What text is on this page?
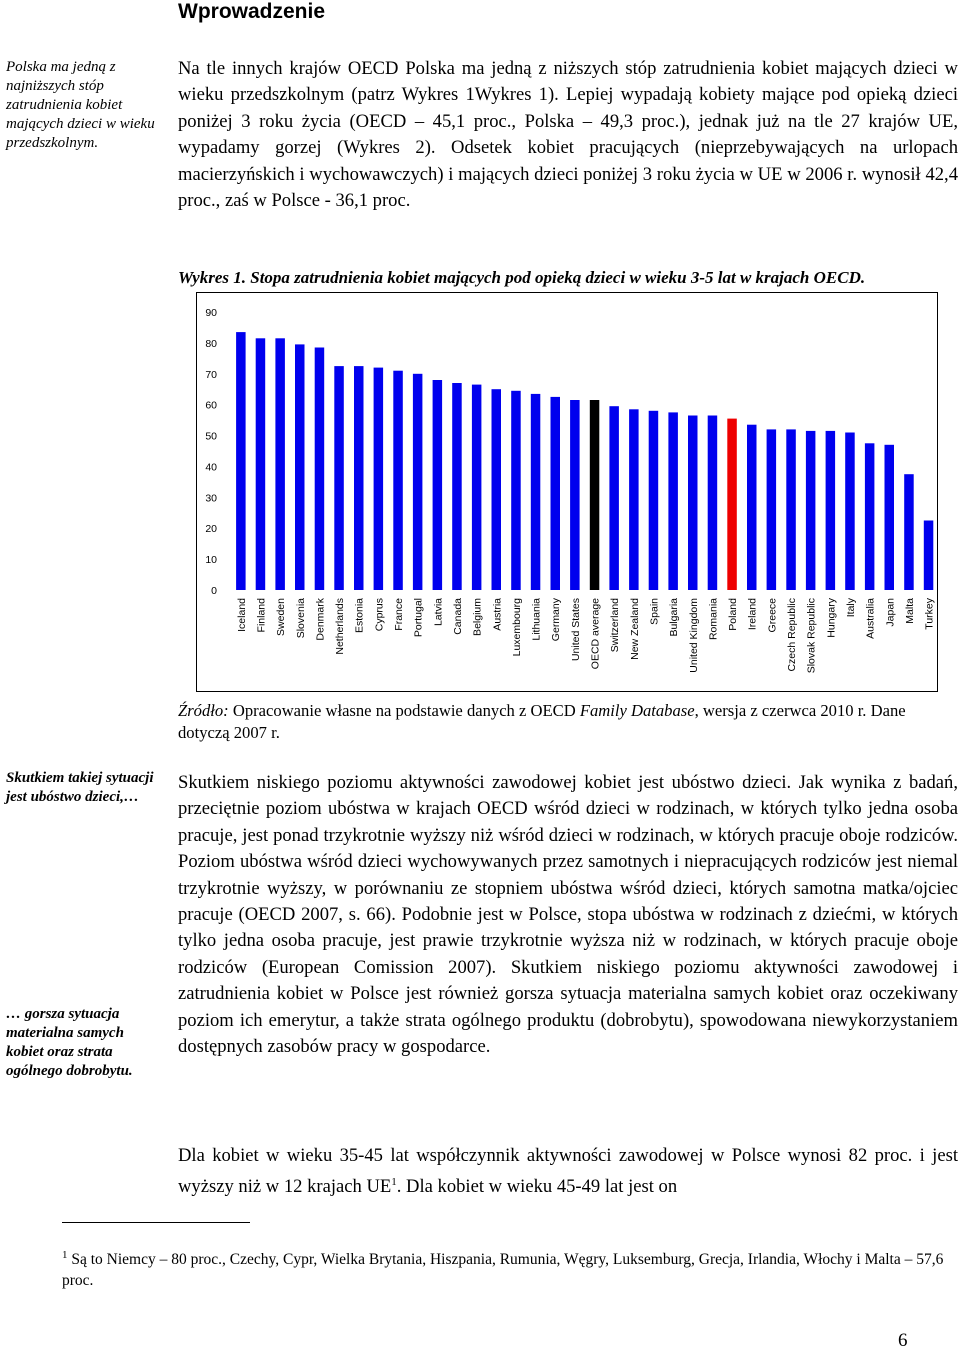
Wprowadzenie
Polska ma jedną z najniższych stóp zatrudnienia kobiet mających dzieci w wieku przedszkolnym.
Skutkiem takiej sytuacji jest ubóstwo dzieci,…
… gorsza sytuacja materialna samych kobiet oraz strata ogólnego dobrobytu.
Na tle innych krajów OECD Polska ma jedną z niższych stóp zatrudnienia kobiet mających dzieci w wieku przedszkolnym (patrz Wykres 1Wykres 1). Lepiej wypadają kobiety mające pod opieką dzieci poniżej 3 roku życia (OECD – 45,1 proc., Polska – 49,3 proc.), jednak już na tle 27 krajów UE, wypadamy gorzej (Wykres 2). Odsetek kobiet pracujących (nieprzebywających na urlopach macierzyńskich i wychowawczych) i mających dzieci poniżej 3 roku życia w UE w 2006 r. wynosił 42,4 proc., zaś w Polsce - 36,1 proc.
Wykres 1. Stopa zatrudnienia kobiet mających pod opieką dzieci w wieku 3-5 lat w krajach OECD.
0
10
20
30
40
50
60
70
80
90
Iceland Finland Sweden Slovenia Denmark Netherlands Estonia Cyprus France Portugal Latvia Canada Belgium Austria Luxembourg Lithuania Germany United States OECD average Switzerland New Zealand Spain Bulgaria United Kingdom Romania Poland Ireland Greece Czech Republic Slovak Republic Hungary Italy Australia Japan Malta Turkey
Źródło: Opracowanie własne na podstawie danych z OECD Family Database, wersja z czerwca 2010 r. Dane dotyczą 2007 r.
Skutkiem niskiego poziomu aktywności zawodowej kobiet jest ubóstwo dzieci. Jak wynika z badań, przeciętnie poziom ubóstwa w krajach OECD wśród dzieci w rodzinach, w których tylko jedna osoba pracuje, jest ponad trzykrotnie wyższy niż wśród dzieci w rodzinach, w których pracuje oboje rodziców. Poziom ubóstwa wśród dzieci wychowywanych przez samotnych i niepracujących rodziców jest niemal trzykrotnie wyższy, w porównaniu ze stopniem ubóstwa wśród dzieci, których samotna matka/ojciec pracuje (OECD 2007, s. 66). Podobnie jest w Polsce, stopa ubóstwa w rodzinach z dziećmi, w których tylko jedna osoba pracuje, jest prawie trzykrotnie wyższa niż w rodzinach, w których pracuje oboje rodziców (European Comission 2007). Skutkiem niskiego poziomu aktywności zawodowej i zatrudnienia kobiet w Polsce jest również gorsza sytuacja materialna samych kobiet oraz oczekiwany poziom ich emerytur, a także strata ogólnego produktu (dobrobytu), spowodowana niewykorzystaniem dostępnych zasobów pracy w gospodarce.
Dla kobiet w wieku 35-45 lat współczynnik aktywności zawodowej w Polsce wynosi 82 proc. i jest wyższy niż w 12 krajach $UE^1$. Dla kobiet w wieku 45-49 lat jest on
$^1$ Są to Niemcy – 80 proc., Czechy, Cypr, Wielka Brytania, Hiszpania, Rumunia, Węgry, Luksemburg, Grecja, Irlandia, Włochy i Malta – 57,6 proc.
6
